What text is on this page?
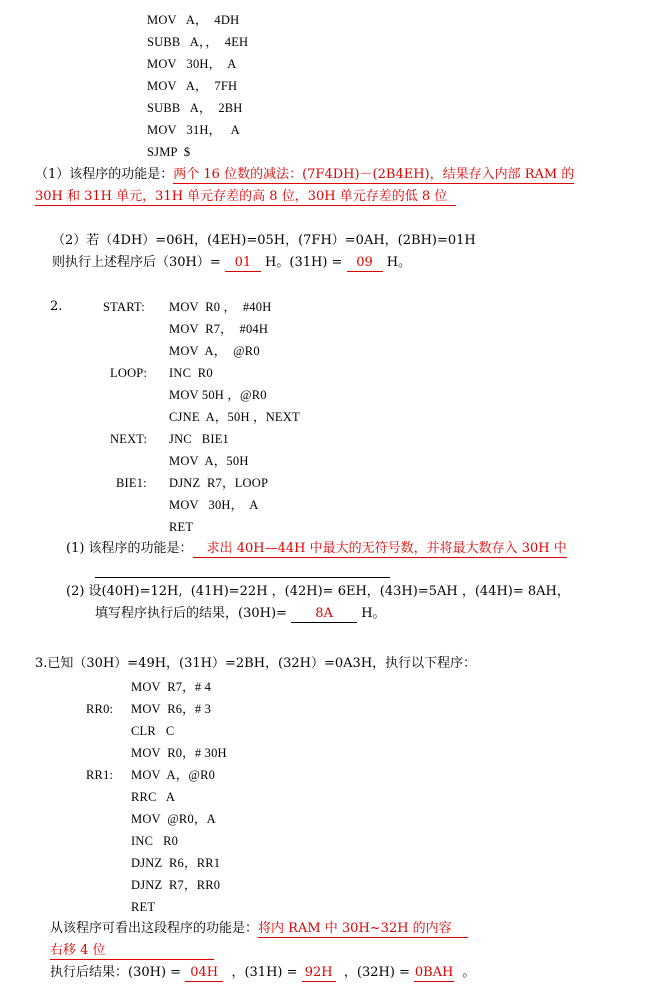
MOV   A，  4DH
SUBB   A，，  4EH
MOV   30H，  A
MOV   A，  7FH
SUBB   A，  2BH
MOV   31H，   A
SJMP  $
（1）该程序的功能是：两个 16 位数的减法：(7F4DH)－(2B4EH)，结果存入内部 RAM 的
30H 和 31H 单元，31H 单元存差的高 8 位，30H 单元存差的低 8 位
（2）若（4DH）=06H，(4EH)=05H，(7FH）=0AH，(2BH)=01H
则执行上述程序后（30H）= 01 H。(31H) = 09 H。
2.	START: MOV  R0 ，  #40H
MOV  R7，  #04H
MOV  A，  @R0
LOOP: INC  R0
MOV 50H ，@R0
CJNE  A，50H ，NEXT
NEXT: JNC   BIE1
MOV  A，50H
BIE1: DJNZ  R7，LOOP
MOV   30H，  A
RET
(1) 该程序的功能是： 求出 40H—44H 中最大的无符号数，并将最大数存入 30H 中
(2) 设(40H)=12H,  (41H)=22H ，(42H)= 6EH，(43H)=5AH ，(44H)= 8AH，
填写程序执行后的结果，(30H)= 8A H。
3.已知（30H）=49H，(31H）=2BH，(32H）=0A3H，执行以下程序：
MOV  R7，# 4
RR0: MOV  R6，# 3
CLR   C
MOV  R0，# 30H
RR1: MOV  A，@R0
RRC   A
MOV  @R0，A
INC   R0
DJNZ  R6，RR1
DJNZ  R7，RR0
RET
从该程序可看出这段程序的功能是：将内 RAM 中 30H~32H 的内容
右移 4 位
执行后结果：(30H) = 04H  ，(31H) = 92H  ，(32H) = 0BAH  。
